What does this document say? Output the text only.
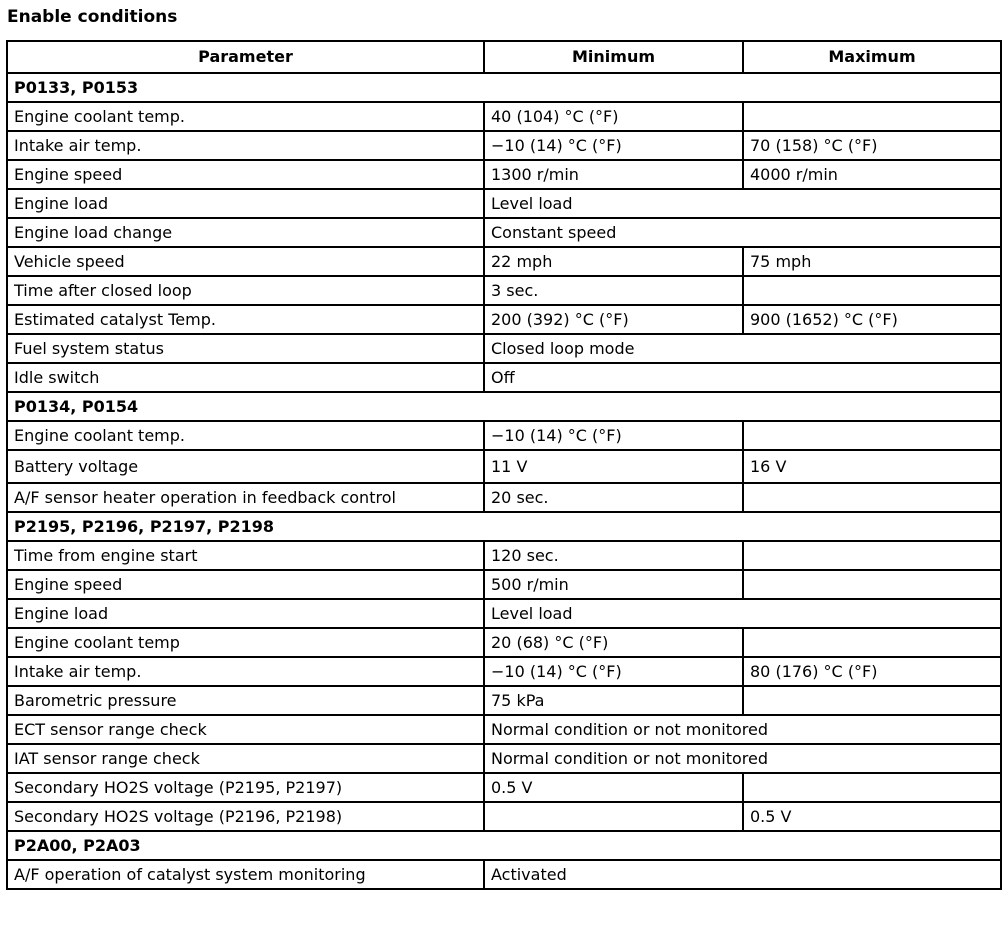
Enable conditions
Parameter	Minimum	Maximum
P0133, P0153		
Engine coolant temp.	40 (104) °C (°F)	
Intake air temp.	−10 (14) °C (°F)	70 (158) °C (°F)
Engine speed	1300 r/min	4000 r/min
Engine load	Level load	
Engine load change	Constant speed	
Vehicle speed	22 mph	75 mph
Time after closed loop	3 sec.	
Estimated catalyst Temp.	200 (392) °C (°F)	900 (1652) °C (°F)
Fuel system status	Closed loop mode	
Idle switch	Off	
P0134, P0154		
Engine coolant temp.	−10 (14) °C (°F)	
Battery voltage	11 V	16 V
A/F sensor heater operation in feedback control	20 sec.	
P2195, P2196, P2197, P2198		
Time from engine start	120 sec.	
Engine speed	500 r/min	
Engine load	Level load	
Engine coolant temp	20 (68) °C (°F)	
Intake air temp.	−10 (14) °C (°F)	80 (176) °C (°F)
Barometric pressure	75 kPa	
ECT sensor range check	Normal condition or not monitored	
IAT sensor range check	Normal condition or not monitored	
Secondary HO2S voltage (P2195, P2197)	0.5 V	
Secondary HO2S voltage (P2196, P2198)		0.5 V
P2A00, P2A03		
A/F operation of catalyst system monitoring	Activated	
